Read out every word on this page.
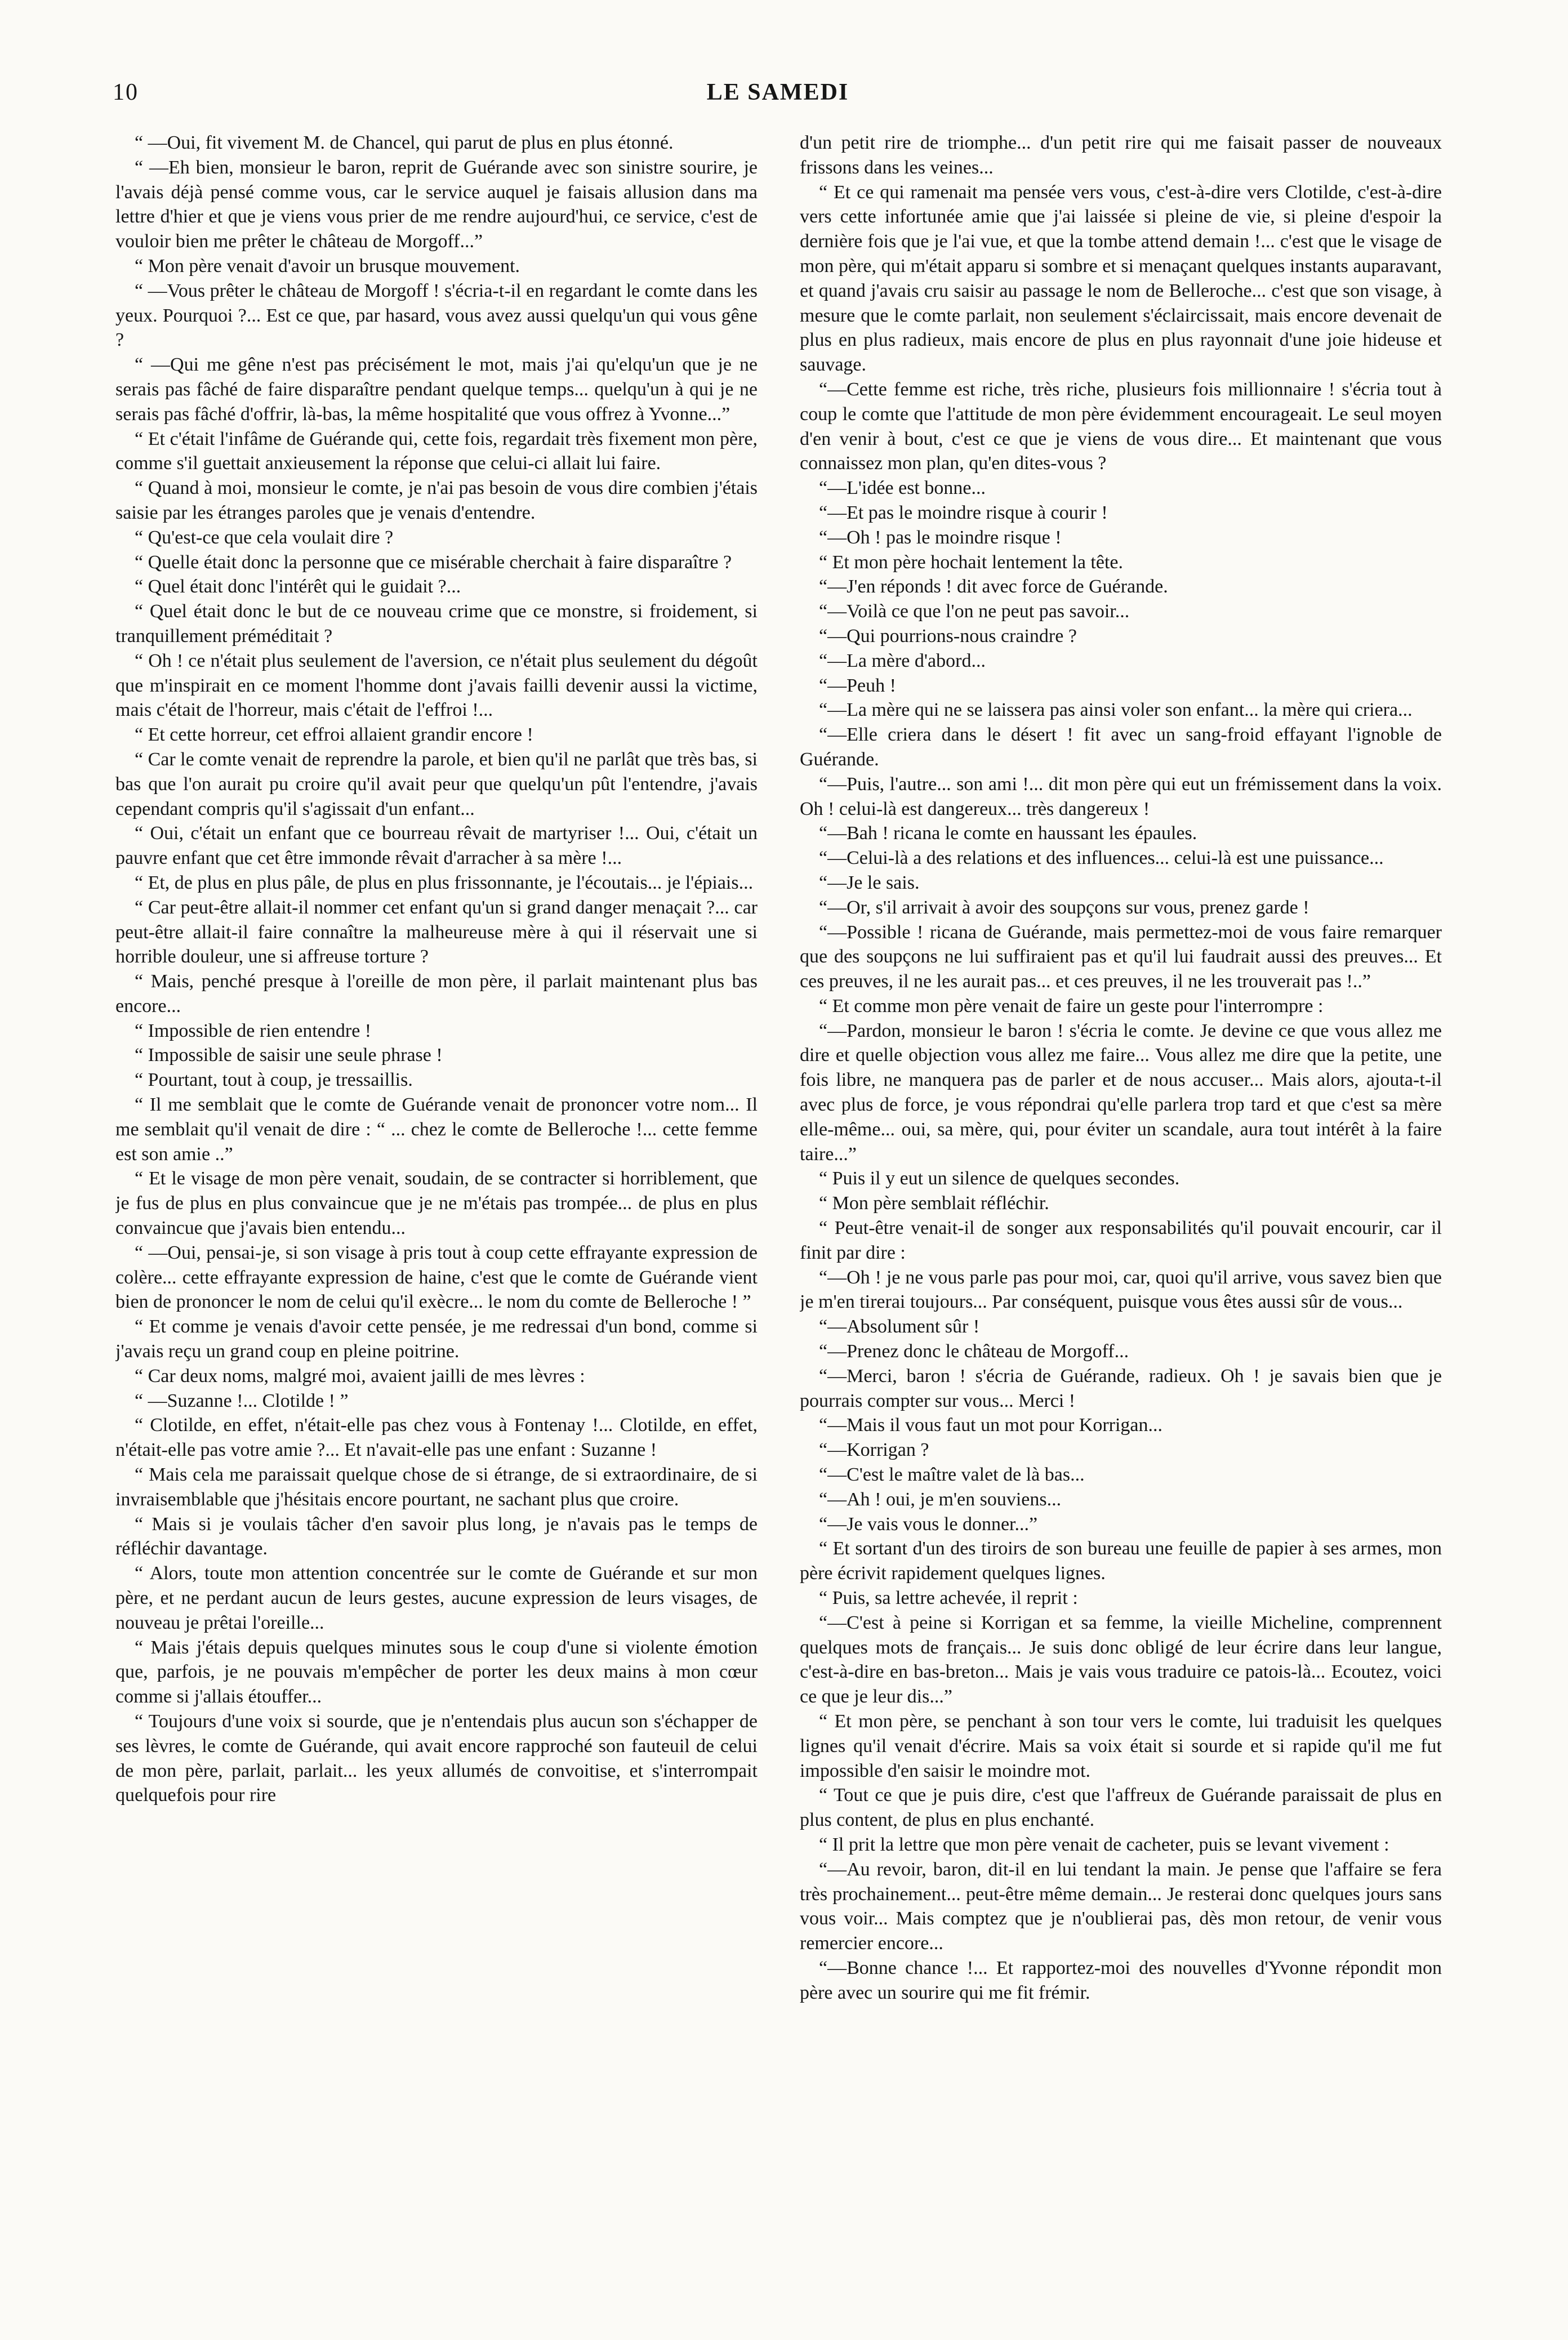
10	LE SAMEDI

“ —Oui, fit vivement M. de Chancel, qui parut de plus en plus étonné.

“ —Eh bien, monsieur le baron, reprit de Guérande avec son sinistre sourire, je l'avais déjà pensé comme vous, car le service auquel je faisais allusion dans ma lettre d'hier et que je viens vous prier de me rendre aujourd'hui, ce service, c'est de vouloir bien me prêter le château de Morgoff...”

“ Mon père venait d'avoir un brusque mouvement.

“ —Vous prêter le château de Morgoff ! s'écria-t-il en regardant le comte dans les yeux. Pourquoi ?... Est ce que, par hasard, vous avez aussi quelqu'un qui vous gêne ?

“ —Qui me gêne n'est pas précisément le mot, mais j'ai qu'elqu'un que je ne serais pas fâché de faire disparaître pendant quelque temps... quelqu'un à qui je ne serais pas fâché d'offrir, là-bas, la même hospitalité que vous offrez à Yvonne...”

“ Et c'était l'infâme de Guérande qui, cette fois, regardait très fixement mon père, comme s'il guettait anxieusement la réponse que celui-ci allait lui faire.

“ Quand à moi, monsieur le comte, je n'ai pas besoin de vous dire combien j'étais saisie par les étranges paroles que je venais d'entendre.

“ Qu'est-ce que cela voulait dire ?

“ Quelle était donc la personne que ce misérable cherchait à faire disparaître ?

“ Quel était donc l'intérêt qui le guidait ?...

“ Quel était donc le but de ce nouveau crime que ce monstre, si froidement, si tranquillement préméditait ?

“ Oh ! ce n'était plus seulement de l'aversion, ce n'était plus seulement du dégoût que m'inspirait en ce moment l'homme dont j'avais failli devenir aussi la victime, mais c'était de l'horreur, mais c'était de l'effroi !...

“ Et cette horreur, cet effroi allaient grandir encore !

“ Car le comte venait de reprendre la parole, et bien qu'il ne parlât que très bas, si bas que l'on aurait pu croire qu'il avait peur que quelqu'un pût l'entendre, j'avais cependant compris qu'il s'agissait d'un enfant...

“ Oui, c'était un enfant que ce bourreau rêvait de martyriser !... Oui, c'était un pauvre enfant que cet être immonde rêvait d'arracher à sa mère !...

“ Et, de plus en plus pâle, de plus en plus frissonnante, je l'écoutais... je l'épiais...

“ Car peut-être allait-il nommer cet enfant qu'un si grand danger menaçait ?... car peut-être allait-il faire connaître la malheureuse mère à qui il réservait une si horrible douleur, une si affreuse torture ?

“ Mais, penché presque à l'oreille de mon père, il parlait maintenant plus bas encore...

“ Impossible de rien entendre !

“ Impossible de saisir une seule phrase !

“ Pourtant, tout à coup, je tressaillis.

“ Il me semblait que le comte de Guérande venait de prononcer votre nom... Il me semblait qu'il venait de dire : “ ... chez le comte de Belleroche !... cette femme est son amie ..”

“ Et le visage de mon père venait, soudain, de se contracter si horriblement, que je fus de plus en plus convaincue que je ne m'étais pas trompée... de plus en plus convaincue que j'avais bien entendu...

“ —Oui, pensai-je, si son visage à pris tout à coup cette effrayante expression de colère... cette effrayante expression de haine, c'est que le comte de Guérande vient bien de prononcer le nom de celui qu'il exècre... le nom du comte de Belleroche ! ”

“ Et comme je venais d'avoir cette pensée, je me redressai d'un bond, comme si j'avais reçu un grand coup en pleine poitrine.

“ Car deux noms, malgré moi, avaient jailli de mes lèvres :

“ —Suzanne !... Clotilde ! ”

“ Clotilde, en effet, n'était-elle pas chez vous à Fontenay !... Clotilde, en effet, n'était-elle pas votre amie ?... Et n'avait-elle pas une enfant : Suzanne !

“ Mais cela me paraissait quelque chose de si étrange, de si extraordinaire, de si invraisemblable que j'hésitais encore pourtant, ne sachant plus que croire.

“ Mais si je voulais tâcher d'en savoir plus long, je n'avais pas le temps de réfléchir davantage.

“ Alors, toute mon attention concentrée sur le comte de Guérande et sur mon père, et ne perdant aucun de leurs gestes, aucune expression de leurs visages, de nouveau je prêtai l'oreille...

“ Mais j'étais depuis quelques minutes sous le coup d'une si violente émotion que, parfois, je ne pouvais m'empêcher de porter les deux mains à mon cœur comme si j'allais étouffer...

“ Toujours d'une voix si sourde, que je n'entendais plus aucun son s'échapper de ses lèvres, le comte de Guérande, qui avait encore rapproché son fauteuil de celui de mon père, parlait, parlait... les yeux allumés de convoitise, et s'interrompait quelquefois pour rire

d'un petit rire de triomphe... d'un petit rire qui me faisait passer de nouveaux frissons dans les veines...

“ Et ce qui ramenait ma pensée vers vous, c'est-à-dire vers Clotilde, c'est-à-dire vers cette infortunée amie que j'ai laissée si pleine de vie, si pleine d'espoir la dernière fois que je l'ai vue, et que la tombe attend demain !... c'est que le visage de mon père, qui m'était apparu si sombre et si menaçant quelques instants auparavant, et quand j'avais cru saisir au passage le nom de Belleroche... c'est que son visage, à mesure que le comte parlait, non seulement s'éclaircissait, mais encore devenait de plus en plus radieux, mais encore de plus en plus rayonnait d'une joie hideuse et sauvage.

“—Cette femme est riche, très riche, plusieurs fois millionnaire ! s'écria tout à coup le comte que l'attitude de mon père évidemment encourageait. Le seul moyen d'en venir à bout, c'est ce que je viens de vous dire... Et maintenant que vous connaissez mon plan, qu'en dites-vous ?

“—L'idée est bonne...

“—Et pas le moindre risque à courir !

“—Oh ! pas le moindre risque !

“ Et mon père hochait lentement la tête.

“—J'en réponds ! dit avec force de Guérande.

“—Voilà ce que l'on ne peut pas savoir...

“—Qui pourrions-nous craindre ?

“—La mère d'abord...

“—Peuh !

“—La mère qui ne se laissera pas ainsi voler son enfant... la mère qui criera...

“—Elle criera dans le désert ! fit avec un sang-froid effayant l'ignoble de Guérande.

“—Puis, l'autre... son ami !... dit mon père qui eut un frémissement dans la voix. Oh ! celui-là est dangereux... très dangereux !

“—Bah ! ricana le comte en haussant les épaules.

“—Celui-là a des relations et des influences... celui-là est une puissance...

“—Je le sais.

“—Or, s'il arrivait à avoir des soupçons sur vous, prenez garde !

“—Possible ! ricana de Guérande, mais permettez-moi de vous faire remarquer que des soupçons ne lui suffiraient pas et qu'il lui faudrait aussi des preuves... Et ces preuves, il ne les aurait pas... et ces preuves, il ne les trouverait pas !..”

“ Et comme mon père venait de faire un geste pour l'interrompre :

“—Pardon, monsieur le baron ! s'écria le comte. Je devine ce que vous allez me dire et quelle objection vous allez me faire... Vous allez me dire que la petite, une fois libre, ne manquera pas de parler et de nous accuser... Mais alors, ajouta-t-il avec plus de force, je vous répondrai qu'elle parlera trop tard et que c'est sa mère elle-même... oui, sa mère, qui, pour éviter un scandale, aura tout intérêt à la faire taire...”

“ Puis il y eut un silence de quelques secondes.

“ Mon père semblait réfléchir.

“ Peut-être venait-il de songer aux responsabilités qu'il pouvait encourir, car il finit par dire :

“—Oh ! je ne vous parle pas pour moi, car, quoi qu'il arrive, vous savez bien que je m'en tirerai toujours... Par conséquent, puisque vous êtes aussi sûr de vous...

“—Absolument sûr !

“—Prenez donc le château de Morgoff...

“—Merci, baron ! s'écria de Guérande, radieux. Oh ! je savais bien que je pourrais compter sur vous... Merci !

“—Mais il vous faut un mot pour Korrigan...

“—Korrigan ?

“—C'est le maître valet de là bas...

“—Ah ! oui, je m'en souviens...

“—Je vais vous le donner...”

“ Et sortant d'un des tiroirs de son bureau une feuille de papier à ses armes, mon père écrivit rapidement quelques lignes.

“ Puis, sa lettre achevée, il reprit :

“—C'est à peine si Korrigan et sa femme, la vieille Micheline, comprennent quelques mots de français... Je suis donc obligé de leur écrire dans leur langue, c'est-à-dire en bas-breton... Mais je vais vous traduire ce patois-là... Ecoutez, voici ce que je leur dis...”

“ Et mon père, se penchant à son tour vers le comte, lui traduisit les quelques lignes qu'il venait d'écrire. Mais sa voix était si sourde et si rapide qu'il me fut impossible d'en saisir le moindre mot.

“ Tout ce que je puis dire, c'est que l'affreux de Guérande paraissait de plus en plus content, de plus en plus enchanté.

“ Il prit la lettre que mon père venait de cacheter, puis se levant vivement :

“—Au revoir, baron, dit-il en lui tendant la main. Je pense que l'affaire se fera très prochainement... peut-être même demain... Je resterai donc quelques jours sans vous voir... Mais comptez que je n'oublierai pas, dès mon retour, de venir vous remercier encore...

“—Bonne chance !... Et rapportez-moi des nouvelles d'Yvonne répondit mon père avec un sourire qui me fit frémir.
